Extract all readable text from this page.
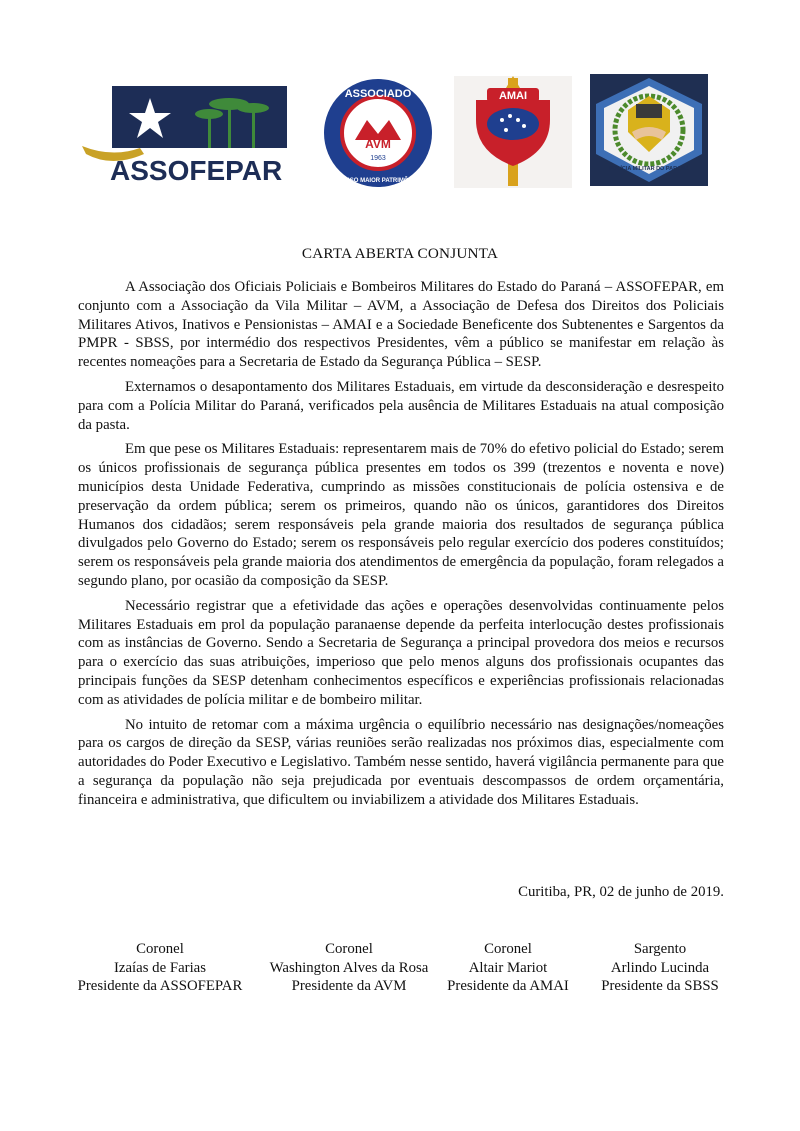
ASSOFEPAR
ASSOCIADO
AVM
1963
NOSSO MAIOR PATRIMÔNIO
AMAI
POLÍCIA MILITAR DO PARANÁ
CARTA ABERTA CONJUNTA

A Associação dos Oficiais Policiais e Bombeiros Militares do Estado do Paraná – ASSOFEPAR, em conjunto com a Associação da Vila Militar – AVM, a Associação de Defesa dos Direitos dos Policiais Militares Ativos, Inativos e Pensionistas – AMAI e a Sociedade Beneficente dos Subtenentes e Sargentos da PMPR - SBSS, por intermédio dos respectivos Presidentes, vêm a público se manifestar em relação às recentes nomeações para a Secretaria de Estado da Segurança Pública – SESP.

Externamos o desapontamento dos Militares Estaduais, em virtude da desconsideração e desrespeito para com a Polícia Militar do Paraná, verificados pela ausência de Militares Estaduais na atual composição da pasta.

Em que pese os Militares Estaduais: representarem mais de 70% do efetivo policial do Estado; serem os únicos profissionais de segurança pública presentes em todos os 399 (trezentos e noventa e nove) municípios desta Unidade Federativa, cumprindo as missões constitucionais de polícia ostensiva e de preservação da ordem pública; serem os primeiros, quando não os únicos, garantidores dos Direitos Humanos dos cidadãos; serem responsáveis pela grande maioria dos resultados de segurança pública divulgados pelo Governo do Estado; serem os responsáveis pelo regular exercício dos poderes constituídos; serem os responsáveis pela grande maioria dos atendimentos de emergência da população, foram relegados a segundo plano, por ocasião da composição da SESP.

Necessário registrar que a efetividade das ações e operações desenvolvidas continuamente pelos Militares Estaduais em prol da população paranaense depende da perfeita interlocução destes profissionais com as instâncias de Governo. Sendo a Secretaria de Segurança a principal provedora dos meios e recursos para o exercício das suas atribuições, imperioso que pelo menos alguns dos profissionais ocupantes das principais funções da SESP detenham conhecimentos específicos e experiências profissionais relacionadas com as atividades de polícia militar e de bombeiro militar.

No intuito de retomar com a máxima urgência o equilíbrio necessário nas designações/nomeações para os cargos de direção da SESP, várias reuniões serão realizadas nos próximos dias, especialmente com autoridades do Poder Executivo e Legislativo. Também nesse sentido, haverá vigilância permanente para que a segurança da população não seja prejudicada por eventuais descompassos de ordem orçamentária, financeira e administrativa, que dificultem ou inviabilizem a atividade dos Militares Estaduais.

Curitiba, PR, 02 de junho de 2019.
Coronel
Izaías de Farias
Presidente da ASSOFEPAR
Coronel
Washington Alves da Rosa
Presidente da AVM
Coronel
Altair Mariot
Presidente da AMAI
Sargento
Arlindo Lucinda
Presidente da SBSS
